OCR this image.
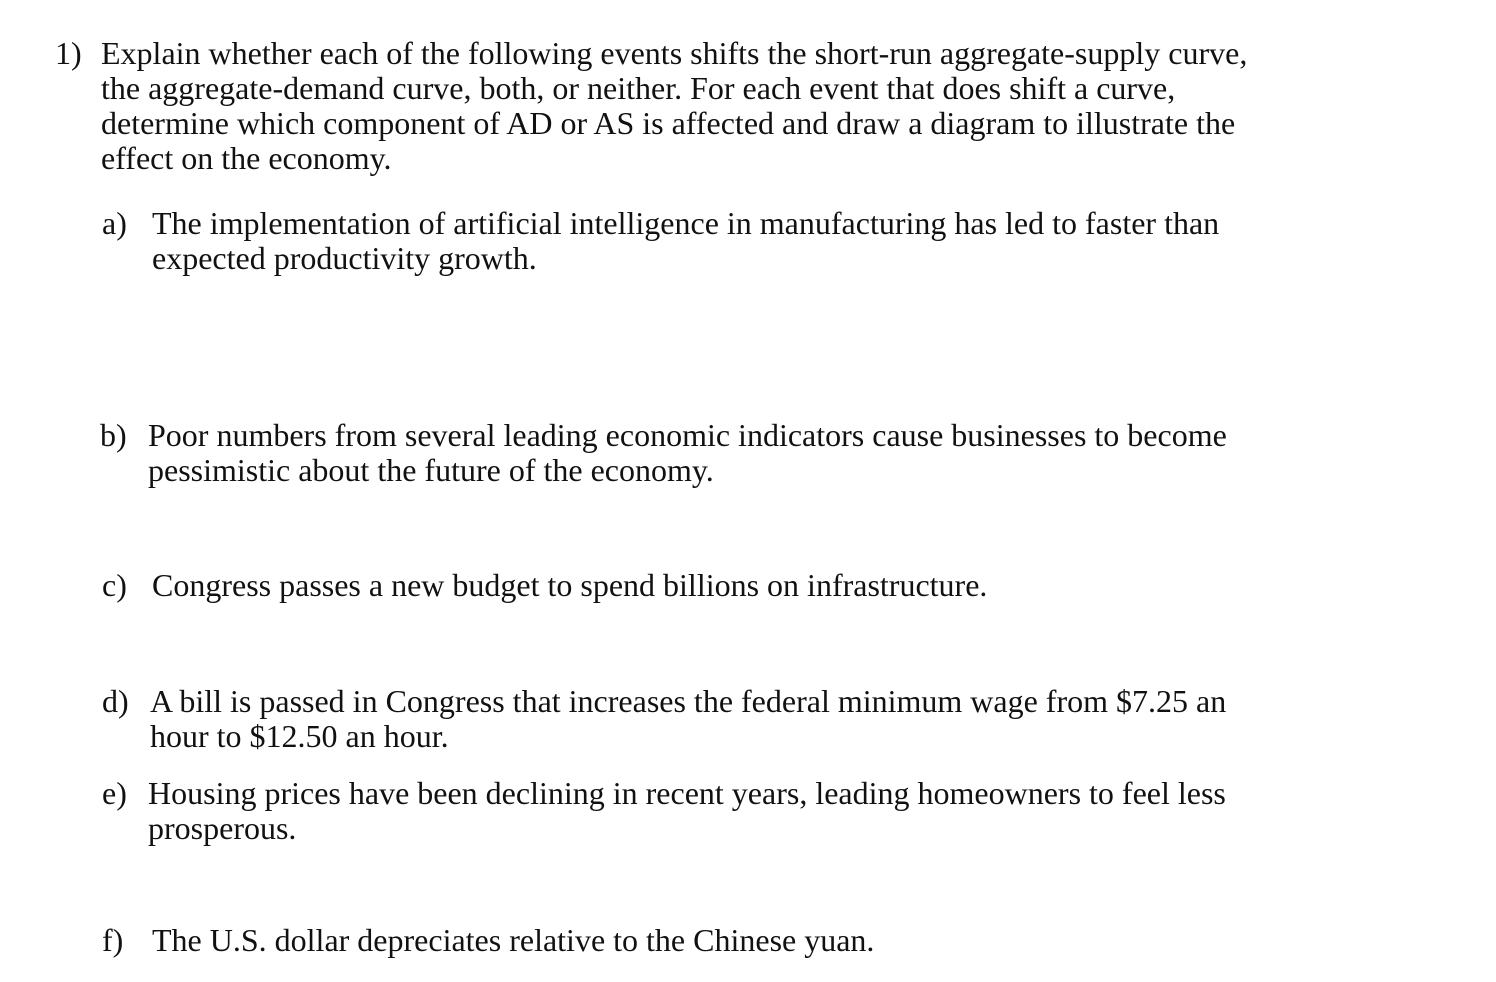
1) Explain whether each of the following events shifts the short-run aggregate-supply curve,
the aggregate-demand curve, both, or neither. For each event that does shift a curve,
determine which component of AD or AS is affected and draw a diagram to illustrate the
effect on the economy.
a) The implementation of artificial intelligence in manufacturing has led to faster than
expected productivity growth.
b) Poor numbers from several leading economic indicators cause businesses to become
pessimistic about the future of the economy.
c) Congress passes a new budget to spend billions on infrastructure.
d) A bill is passed in Congress that increases the federal minimum wage from $7.25 an
hour to $12.50 an hour.
e) Housing prices have been declining in recent years, leading homeowners to feel less
prosperous.
f) The U.S. dollar depreciates relative to the Chinese yuan.
